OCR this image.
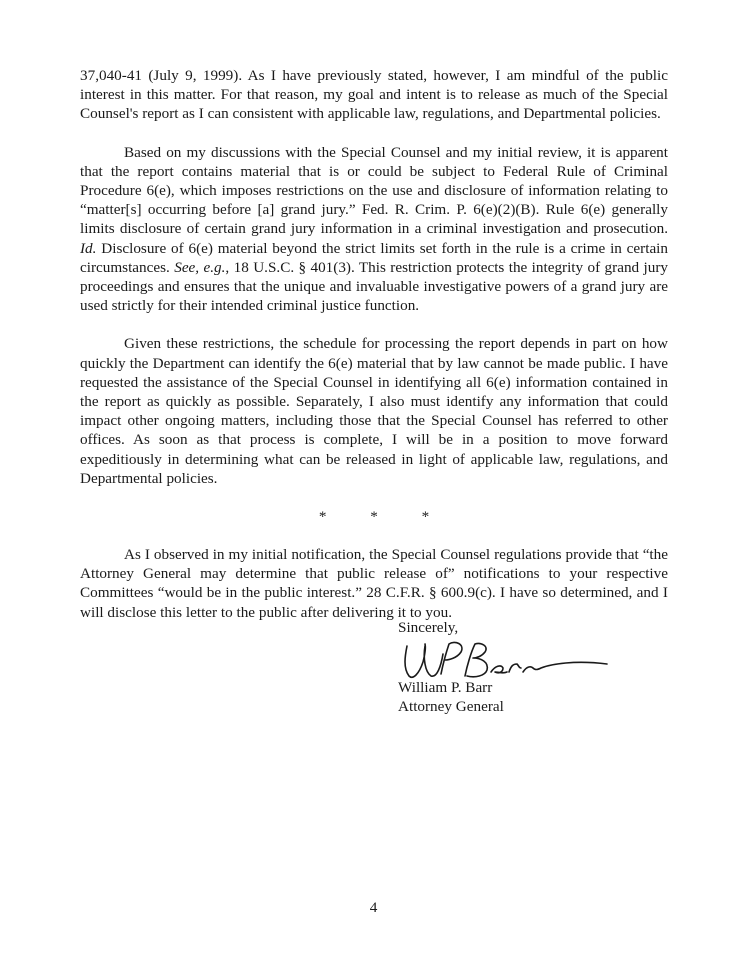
37,040-41 (July 9, 1999). As I have previously stated, however, I am mindful of the public interest in this matter. For that reason, my goal and intent is to release as much of the Special Counsel's report as I can consistent with applicable law, regulations, and Departmental policies.

Based on my discussions with the Special Counsel and my initial review, it is apparent that the report contains material that is or could be subject to Federal Rule of Criminal Procedure 6(e), which imposes restrictions on the use and disclosure of information relating to “matter[s] occurring before [a] grand jury.” Fed. R. Crim. P. 6(e)(2)(B). Rule 6(e) generally limits disclosure of certain grand jury information in a criminal investigation and prosecution. Id. Disclosure of 6(e) material beyond the strict limits set forth in the rule is a crime in certain circumstances. See, e.g., 18 U.S.C. § 401(3). This restriction protects the integrity of grand jury proceedings and ensures that the unique and invaluable investigative powers of a grand jury are used strictly for their intended criminal justice function.

Given these restrictions, the schedule for processing the report depends in part on how quickly the Department can identify the 6(e) material that by law cannot be made public. I have requested the assistance of the Special Counsel in identifying all 6(e) information contained in the report as quickly as possible. Separately, I also must identify any information that could impact other ongoing matters, including those that the Special Counsel has referred to other offices. As soon as that process is complete, I will be in a position to move forward expeditiously in determining what can be released in light of applicable law, regulations, and Departmental policies.

*	*	*

As I observed in my initial notification, the Special Counsel regulations provide that “the Attorney General may determine that public release of” notifications to your respective Committees “would be in the public interest.” 28 C.F.R. § 600.9(c). I have so determined, and I will disclose this letter to the public after delivering it to you.

Sincerely,
William P. Barr
Attorney General
4
